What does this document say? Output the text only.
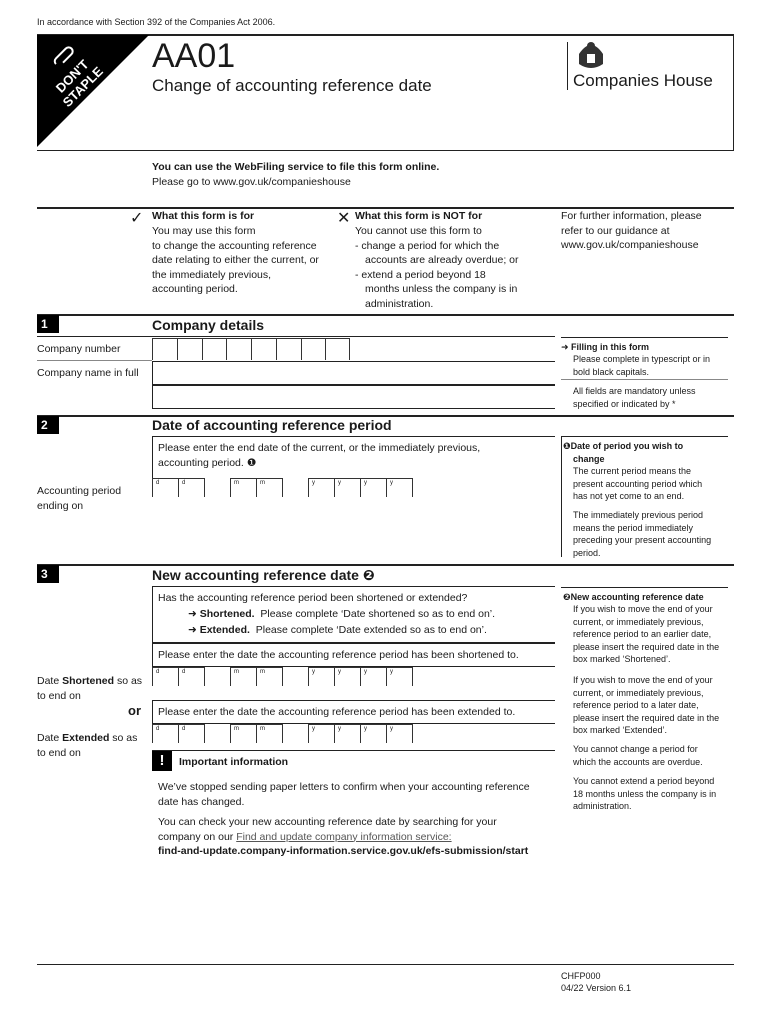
In accordance with Section 392 of the Companies Act 2006.
DON'T STAPLE
AA01
Change of accounting reference date	Companies House
You can use the WebFiling service to file this form online.
Please go to www.gov.uk/companieshouse
✓ What this form is for
You may use this form
to change the accounting reference
date relating to either the current, or
the immediately previous,
accounting period.
✕ What this form is NOT for
You cannot use this form to
- change a period for which the
accounts are already overdue; or
- extend a period beyond 18
months unless the company is in
administration.
For further information, please
refer to our guidance at
www.gov.uk/companieshouse
1	Company details
Company number
Company name in full
➜ Filling in this form
Please complete in typescript or in
bold black capitals.
All fields are mandatory unless
specified or indicated by *
2	Date of accounting reference period
Please enter the end date of the current, or the immediately previous,
accounting period. ❶
Accounting period
ending on
d	d	m	m	y	y	y	y
❶Date of period you wish to
change
The current period means the
present accounting period which
has not yet come to an end.
The immediately previous period
means the period immediately
preceding your present accounting
period.
3	New accounting reference date ❷
Has the accounting reference period been shortened or extended?
➜ Shortened. Please complete ‘Date shortened so as to end on’.
➜ Extended. Please complete ‘Date extended so as to end on’.
Please enter the date the accounting reference period has been shortened to.
d	d	m	m	y	y	y	y
Date Shortened so as
to end on
or Please enter the date the accounting reference period has been extended to.
d	d	m	m	y	y	y	y
Date Extended so as
to end on	!	Important information
We’ve stopped sending paper letters to confirm when your accounting reference
date has changed.
You can check your new accounting reference date by searching for your
company on our Find and update company information service:
find-and-update.company-information.service.gov.uk/efs-submission/start
❷New accounting reference date
If you wish to move the end of your
current, or immediately previous,
reference period to an earlier date,
please insert the required date in the
box marked ‘Shortened’.
If you wish to move the end of your
current, or immediately previous,
reference period to a later date,
please insert the required date in the
box marked ‘Extended’.
You cannot change a period for
which the accounts are overdue.
You cannot extend a period beyond
18 months unless the company is in
administration.
CHFP000
04/22 Version 6.1
